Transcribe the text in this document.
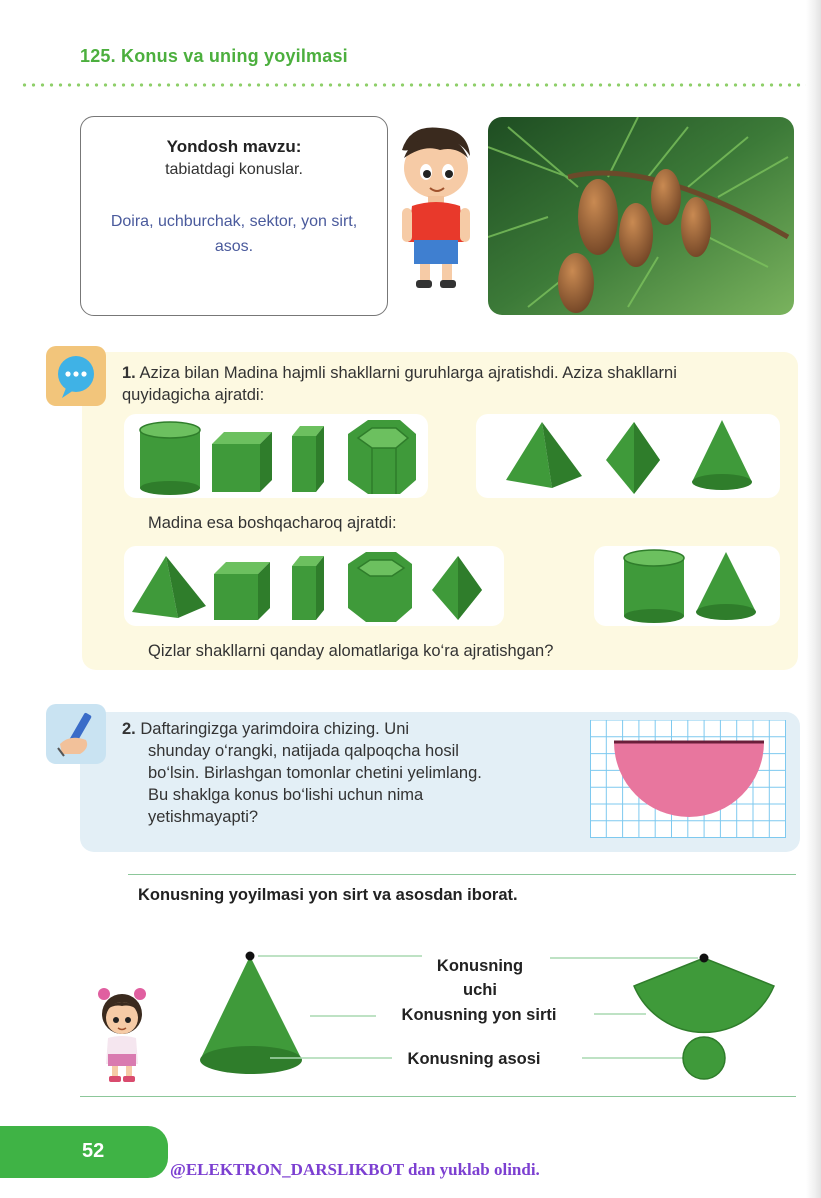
125. Konus va uning yoyilmasi
Yondosh mavzu:
tabiatdagi konuslar.
Doira, uchburchak, sektor, yon sirt, asos.
1. Aziza bilan Madina hajmli shakllarni guruhlarga ajratishdi. Aziza shakllarni quyidagicha ajratdi:
Madina esa boshqacharoq ajratdi:
Qizlar shakllarni qanday alomatlariga ko‘ra ajratishgan?
2. Daftaringizga yarimdoira chizing. Uni
shunday o‘rangki, natijada qalpoqcha hosil
bo‘lsin. Birlashgan tomonlar chetini yelimlang.
Bu shaklga konus bo‘lishi uchun nima
yetishmayapti?
Konusning yoyilmasi yon sirt va asosdan iborat.
Konusning
uchi
Konusning yon sirti
Konusning asosi
52
@ELEKTRON_DARSLIKBOT dan yuklab olindi.
